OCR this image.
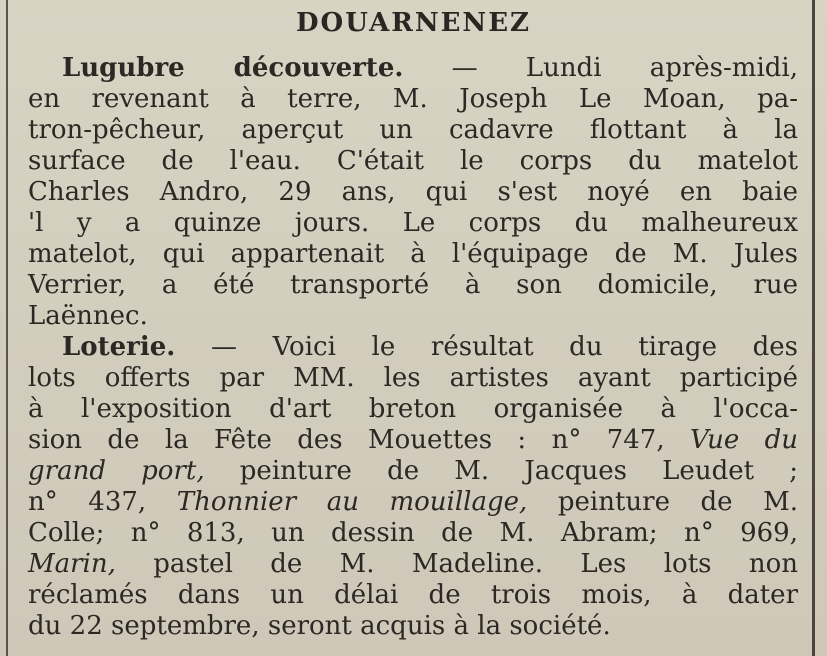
DOUARNENEZ
Lugubre découverte. — Lundi après-midi,
en revenant à terre, M. Joseph Le Moan, pa-
tron-pêcheur, aperçut un cadavre flottant à la
surface de l'eau. C'était le corps du matelot
Charles Andro, 29 ans, qui s'est noyé en baie
'l y a quinze jours. Le corps du malheureux
matelot, qui appartenait à l'équipage de M. Jules
Verrier, a été transporté à son domicile, rue
Laënnec.
Loterie. — Voici le résultat du tirage des
lots offerts par MM. les artistes ayant participé
à l'exposition d'art breton organisée à l'occa-
sion de la Fête des Mouettes : n° 747, Vue du
grand port, peinture de M. Jacques Leudet ;
n° 437, Thonnier au mouillage, peinture de M.
Colle; n° 813, un dessin de M. Abram; n° 969,
Marin, pastel de M. Madeline. Les lots non
réclamés dans un délai de trois mois, à dater
du 22 septembre, seront acquis à la société.
